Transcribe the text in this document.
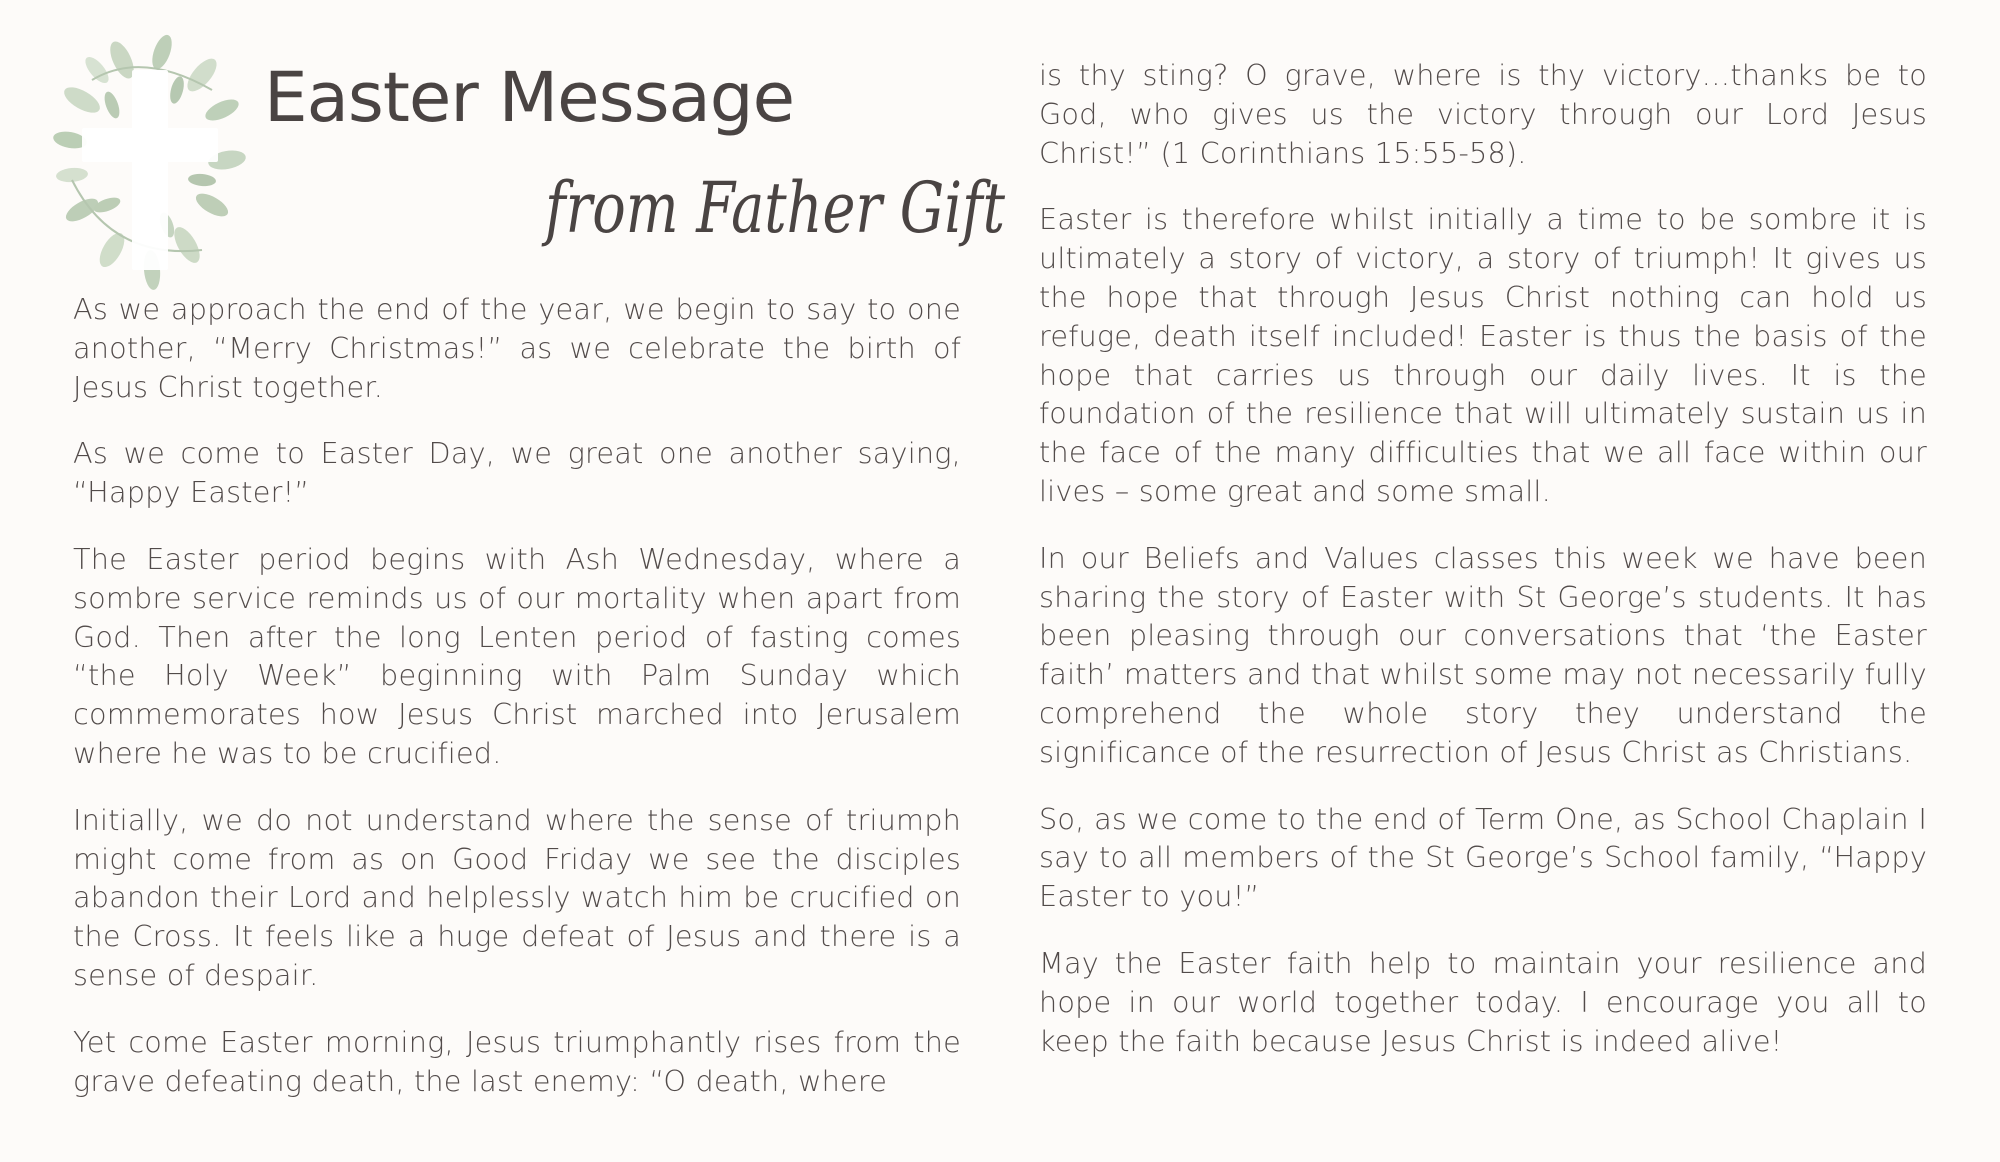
Easter Message
from Father Gift

As we approach the end of the year, we begin to say to one another, “Merry Christmas!” as we celebrate the birth of Jesus Christ together.

As we come to Easter Day, we great one another saying, “Happy Easter!”

The Easter period begins with Ash Wednesday, where a sombre service reminds us of our mortality when apart from God. Then after the long Lenten period of fasting comes “the Holy Week” beginning with Palm Sunday which commemorates how Jesus Christ marched into Jerusalem where he was to be crucified.

Initially, we do not understand where the sense of triumph might come from as on Good Friday we see the disciples abandon their Lord and helplessly watch him be crucified on the Cross. It feels like a huge defeat of Jesus and there is a sense of despair.

Yet come Easter morning, Jesus triumphantly rises from the grave defeating death, the last enemy: “O death, where

is thy sting? O grave, where is thy victory…thanks be to God, who gives us the victory through our Lord Jesus Christ!” (1 Corinthians 15:55-58).

Easter is therefore whilst initially a time to be sombre it is ultimately a story of victory, a story of triumph! It gives us the hope that through Jesus Christ nothing can hold us refuge, death itself included! Easter is thus the basis of the hope that carries us through our daily lives. It is the foundation of the resilience that will ultimately sustain us in the face of the many difficulties that we all face within our lives – some great and some small.

In our Beliefs and Values classes this week we have been sharing the story of Easter with St George’s students. It has been pleasing through our conversations that ‘the Easter faith’ matters and that whilst some may not necessarily fully comprehend the whole story they understand the significance of the resurrection of Jesus Christ as Christians.

So, as we come to the end of Term One, as School Chaplain I say to all members of the St George’s School family, “Happy Easter to you!”

May the Easter faith help to maintain your resilience and hope in our world together today. I encourage you all to keep the faith because Jesus Christ is indeed alive!
